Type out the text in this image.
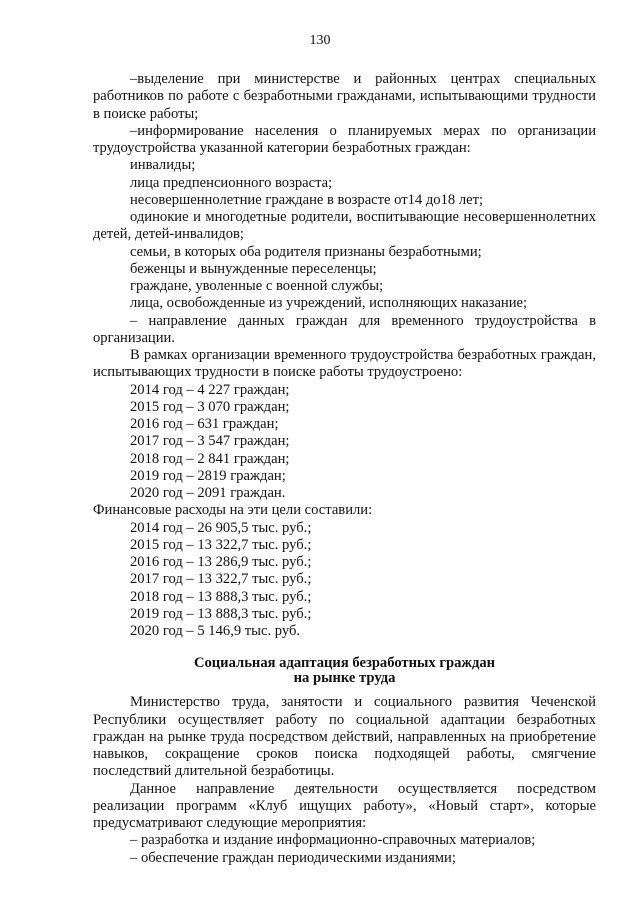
130

–выделение при министерстве и районных центрах специальных работников по работе с безработными гражданами, испытывающими трудности в поиске работы;

–информирование населения о планируемых мерах по организации трудоустройства указанной категории безработных граждан:

инвалиды;

лица предпенсионного возраста;

несовершеннолетние граждане в возрасте от14 до18 лет;

одинокие и многодетные родители, воспитывающие несовершеннолетних детей, детей-инвалидов;

семьи, в которых оба родителя признаны безработными;

беженцы и вынужденные переселенцы;

граждане, уволенные с военной службы;

лица, освобожденные из учреждений, исполняющих наказание;

– направление данных граждан для временного трудоустройства в организации.

В рамках организации временного трудоустройства безработных граждан, испытывающих трудности в поиске работы трудоустроено:

2014 год – 4 227 граждан;

2015 год – 3 070 граждан;

2016 год – 631 граждан;

2017 год – 3 547 граждан;

2018 год – 2 841 граждан;

2019 год – 2819 граждан;

2020 год – 2091 граждан.

Финансовые расходы на эти цели составили:

2014 год – 26 905,5 тыс. руб.;

2015 год – 13 322,7 тыс. руб.;

2016 год – 13 286,9 тыс. руб.;

2017 год – 13 322,7 тыс. руб.;

2018 год – 13 888,3 тыс. руб.;

2019 год – 13 888,3 тыс. руб.;

2020 год – 5 146,9 тыс. руб.

Социальная адаптация безработных граждан
на рынке труда

Министерство труда, занятости и социального развития Чеченской Республики осуществляет работу по социальной адаптации безработных граждан на рынке труда посредством действий, направленных на приобретение навыков, сокращение сроков поиска подходящей работы, смягчение последствий длительной безработицы.

Данное направление деятельности осуществляется посредством реализации программ «Клуб ищущих работу», «Новый старт», которые предусматривают следующие мероприятия:

– разработка и издание информационно-справочных материалов;

– обеспечение граждан периодическими изданиями;
